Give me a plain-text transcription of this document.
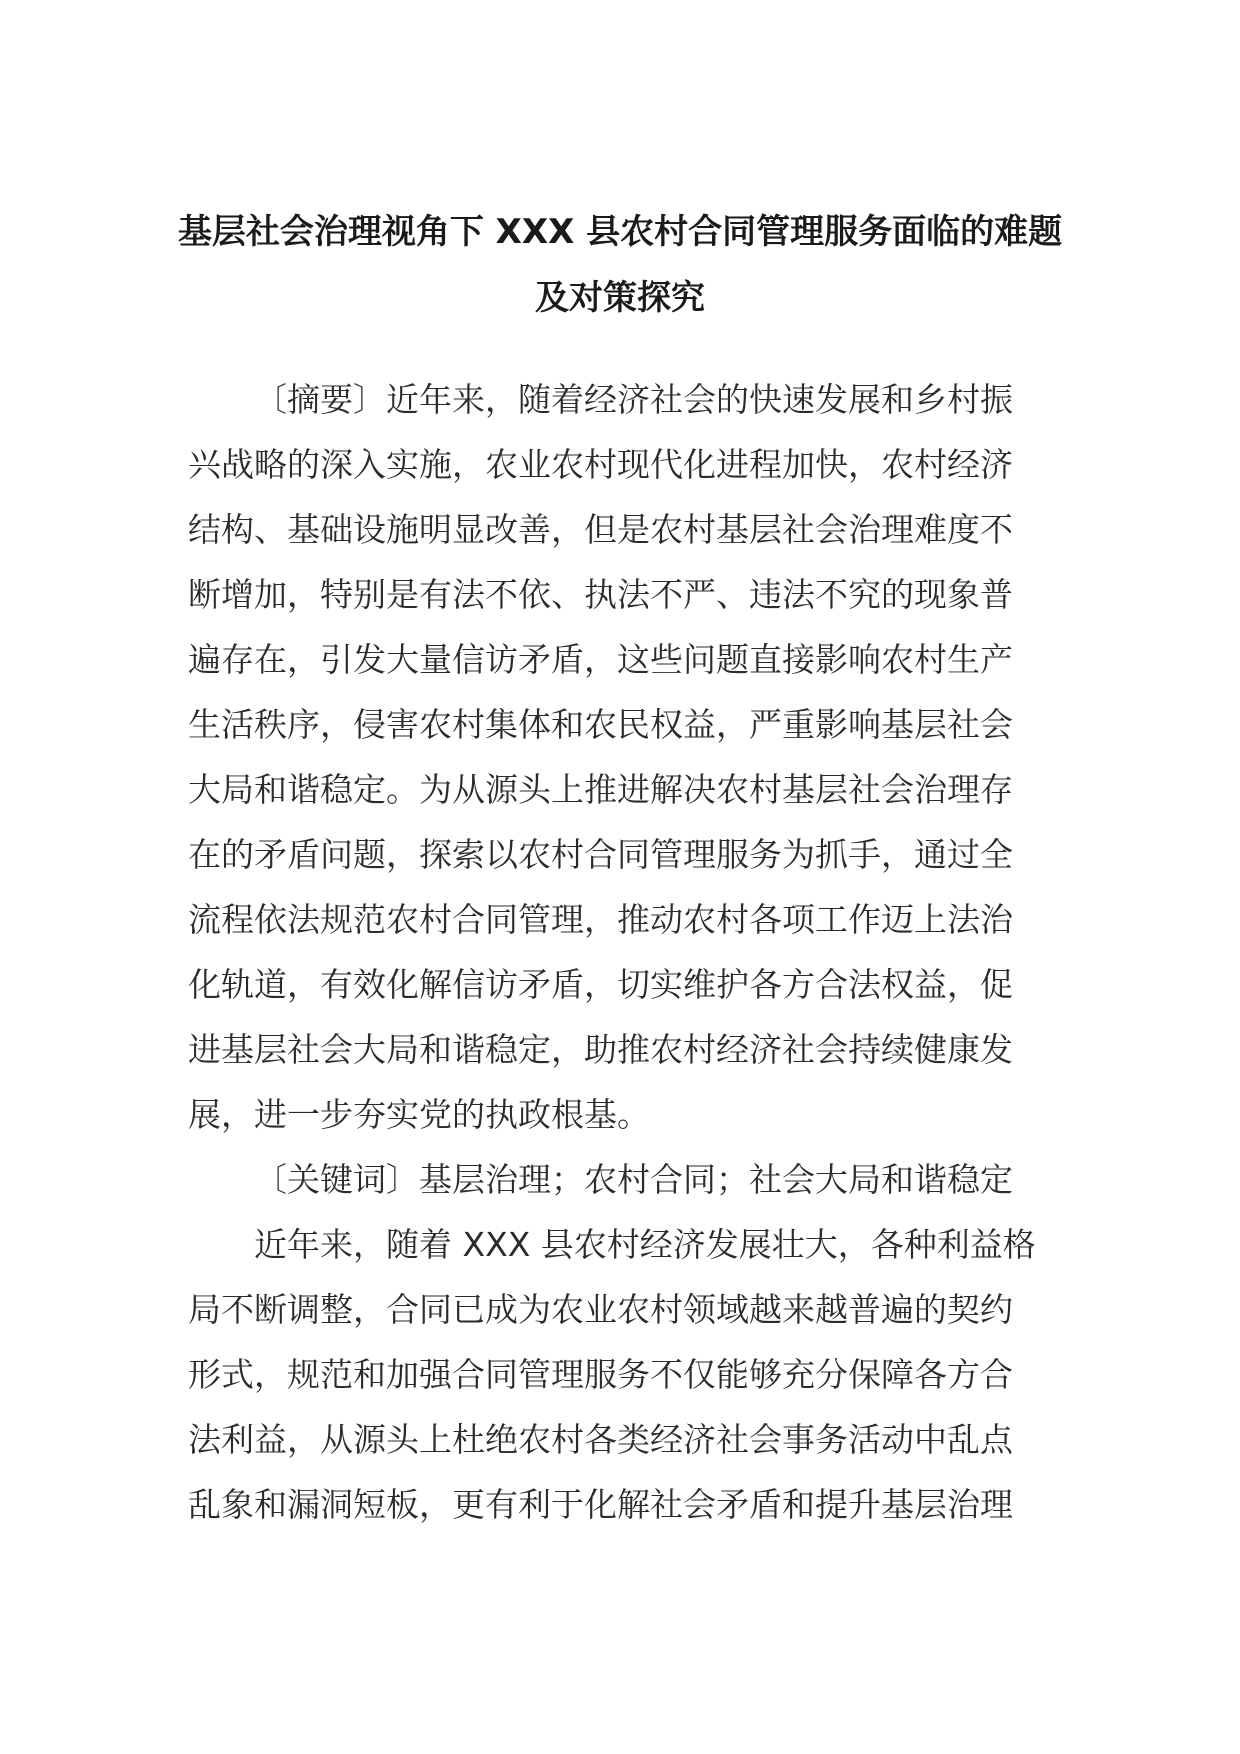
基层社会治理视角下 XXX 县农村合同管理服务面临的难题
及对策探究
〔摘要〕近年来，随着经济社会的快速发展和乡村振
兴战略的深入实施，农业农村现代化进程加快，农村经济
结构、基础设施明显改善，但是农村基层社会治理难度不
断增加，特别是有法不依、执法不严、违法不究的现象普
遍存在，引发大量信访矛盾，这些问题直接影响农村生产
生活秩序，侵害农村集体和农民权益，严重影响基层社会
大局和谐稳定。为从源头上推进解决农村基层社会治理存
在的矛盾问题，探索以农村合同管理服务为抓手，通过全
流程依法规范农村合同管理，推动农村各项工作迈上法治
化轨道，有效化解信访矛盾，切实维护各方合法权益，促
进基层社会大局和谐稳定，助推农村经济社会持续健康发
展，进一步夯实党的执政根基。
〔关键词〕基层治理；农村合同；社会大局和谐稳定
近年来，随着 XXX 县农村经济发展壮大，各种利益格
局不断调整，合同已成为农业农村领域越来越普遍的契约
形式，规范和加强合同管理服务不仅能够充分保障各方合
法利益，从源头上杜绝农村各类经济社会事务活动中乱点
乱象和漏洞短板，更有利于化解社会矛盾和提升基层治理
